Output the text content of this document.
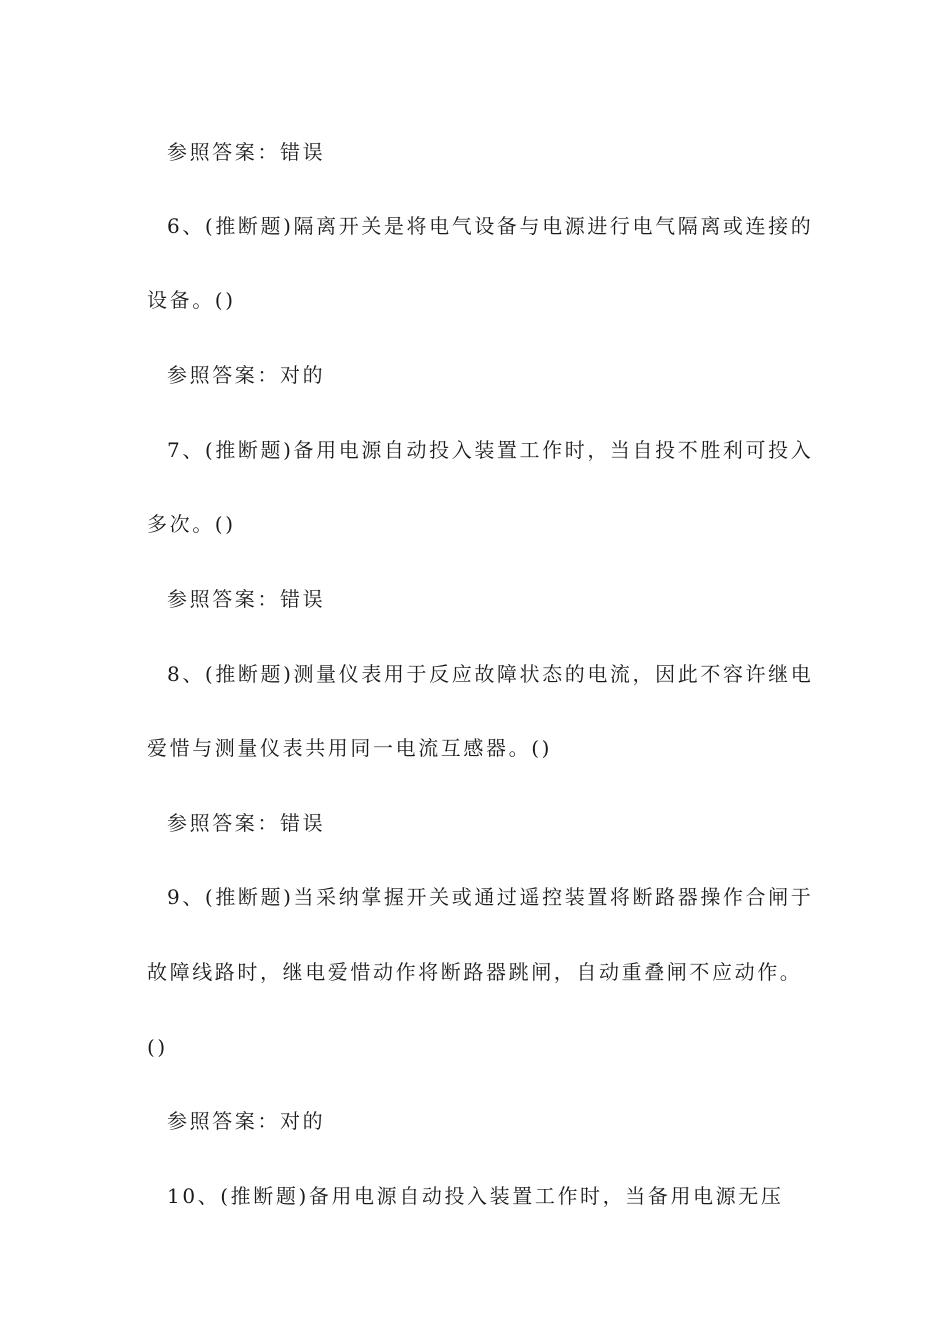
参照答案：错误
6、(推断题)隔离开关是将电气设备与电源进行电气隔离或连接的
设备。()
参照答案：对的
7、(推断题)备用电源自动投入装置工作时，当自投不胜利可投入
多次。()
参照答案：错误
8、(推断题)测量仪表用于反应故障状态的电流，因此不容许继电
爱惜与测量仪表共用同一电流互感器。()
参照答案：错误
9、(推断题)当采纳掌握开关或通过遥控装置将断路器操作合闸于
故障线路时，继电爱惜动作将断路器跳闸，自动重叠闸不应动作。
()
参照答案：对的
10、(推断题)备用电源自动投入装置工作时，当备用电源无压
